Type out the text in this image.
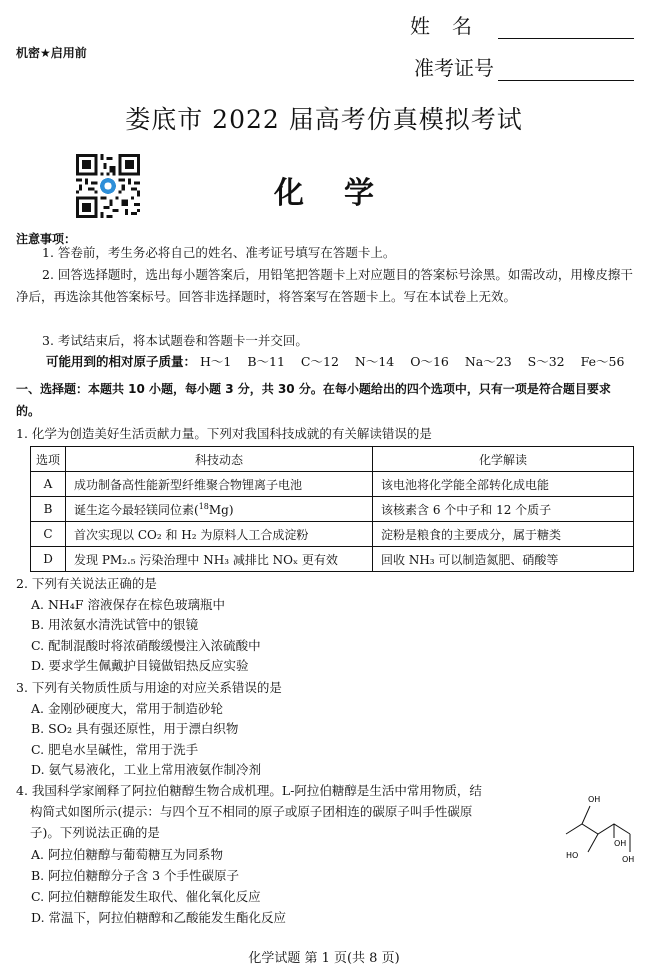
机密★启用前
姓名
准考证号
娄底市 2022 届高考仿真模拟考试
化学
注意事项：
1. 答卷前，考生务必将自己的姓名、准考证号填写在答题卡上。
2. 回答选择题时，选出每小题答案后，用铅笔把答题卡上对应题目的答案标号涂黑。如需改动，用橡皮擦干净后，再选涂其他答案标号。回答非选择题时，将答案写在答题卡上。写在本试卷上无效。
3. 考试结束后，将本试题卷和答题卡一并交回。
可能用到的相对原子质量： H～1 B～11 C～12 N～14 O～16 Na～23 S～32 Fe～56
一、选择题：本题共 10 小题，每小题 3 分，共 30 分。在每小题给出的四个选项中，只有一项是符合题目要求的。
1. 化学为创造美好生活贡献力量。下列对我国科技成就的有关解读错误的是
选项	科技动态	化学解读
A	成功制备高性能新型纤维聚合物锂离子电池	该电池将化学能全部转化成电能
B	诞生迄今最轻镁同位素($^{18}$Mg)	该核素含 6 个中子和 12 个质子
C	首次实现以 CO₂ 和 H₂ 为原料人工合成淀粉	淀粉是粮食的主要成分，属于糖类
D	发现 PM₂.₅ 污染治理中 NH₃ 减排比 NOₓ 更有效	回收 NH₃ 可以制造氮肥、硝酸等
2. 下列有关说法正确的是
A. NH₄F 溶液保存在棕色玻璃瓶中
B. 用浓氨水清洗试管中的银镜
C. 配制混酸时将浓硝酸缓慢注入浓硫酸中
D. 要求学生佩戴护目镜做铝热反应实验
3. 下列有关物质性质与用途的对应关系错误的是
A. 金刚砂硬度大，常用于制造砂轮
B. SO₂ 具有强还原性，用于漂白织物
C. 肥皂水呈碱性，常用于洗手
D. 氨气易液化，工业上常用液氨作制冷剂
4. 我国科学家阐释了阿拉伯糖醇生物合成机理。L-阿拉伯糖醇是生活中常用物质，结
构简式如图所示(提示：与四个互不相同的原子或原子团相连的碳原子叫手性碳原
子)。下列说法正确的是
A. 阿拉伯糖醇与葡萄糖互为同系物
B. 阿拉伯糖醇分子含 3 个手性碳原子
C. 阿拉伯糖醇能发生取代、催化氧化反应
D. 常温下，阿拉伯糖醇和乙酸能发生酯化反应
OH
OH
HO	OH
化学试题 第 1 页(共 8 页)
